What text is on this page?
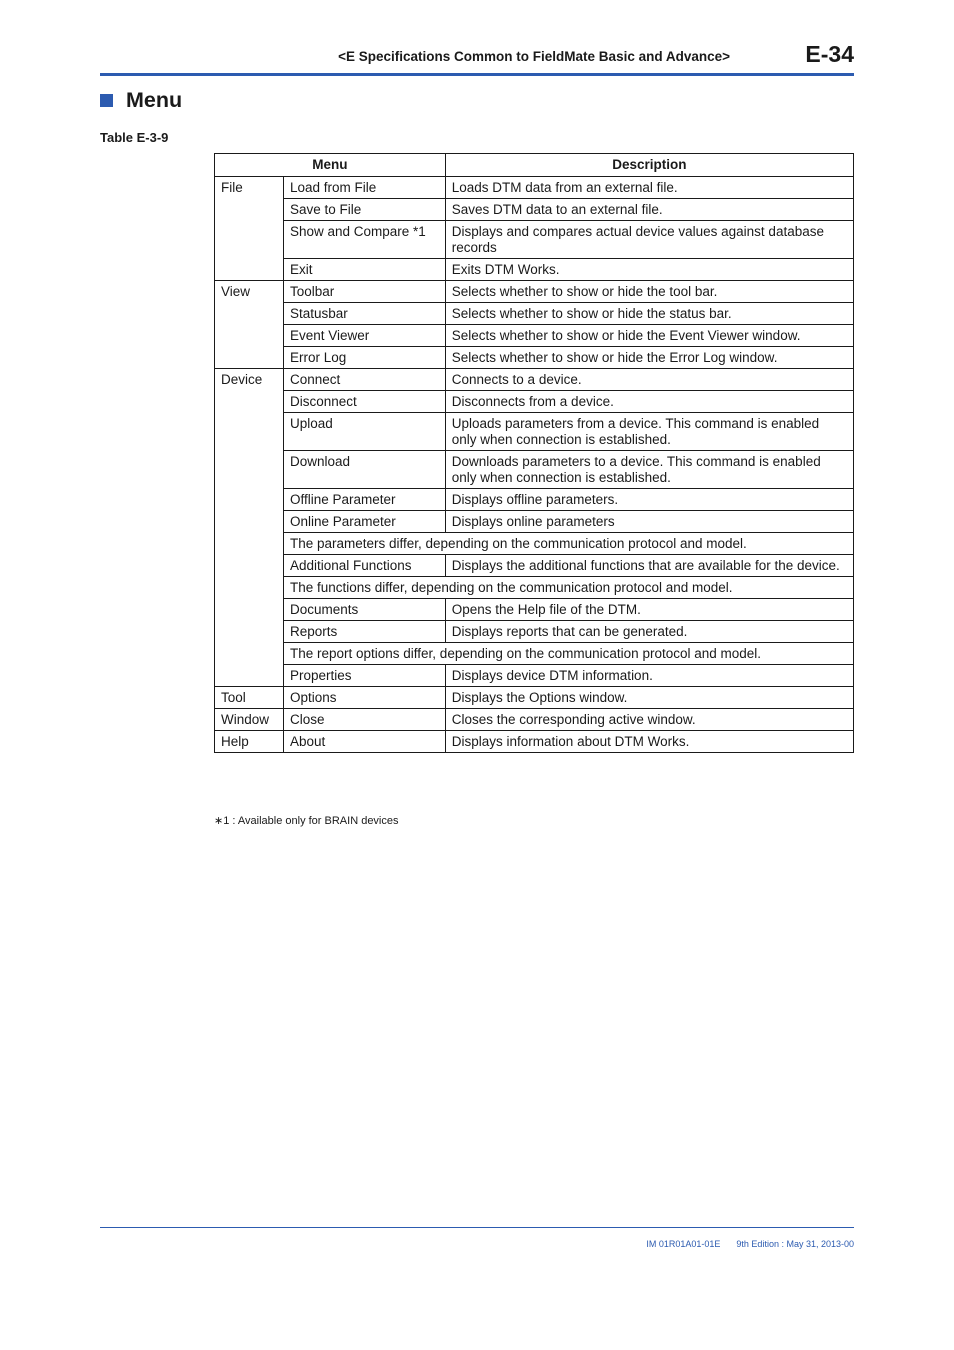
<E Specifications Common to FieldMate Basic and Advance>	E-34
Menu
Table E-3-9
Menu		Description
File	Load from File	Loads DTM data from an external file.
	Save to File	Saves DTM data to an external file.
	Show and Compare *1	Displays and compares actual device values against database records
	Exit	Exits DTM Works.
View	Toolbar	Selects whether to show or hide the tool bar.
	Statusbar	Selects whether to show or hide the status bar.
	Event Viewer	Selects whether to show or hide the Event Viewer window.
	Error Log	Selects whether to show or hide the Error Log window.
Device	Connect	Connects to a device.
	Disconnect	Disconnects from a device.
	Upload	Uploads parameters from a device. This command is enabled only when connection is established.
	Download	Downloads parameters to a device. This command is enabled only when connection is established.
	Offline Parameter	Displays offline parameters.
	Online Parameter	Displays online parameters
	The parameters differ, depending on the communication protocol and model.	
	Additional Functions	Displays the additional functions that are available for the device.
	The functions differ, depending on the communication protocol and model.	
	Documents	Opens the Help file of the DTM.
	Reports	Displays reports that can be generated.
	The report options differ, depending on the communication protocol and model.	
	Properties	Displays device DTM information.
Tool	Options	Displays the Options window.
Window	Close	Closes the corresponding active window.
Help	About	Displays information about DTM Works.
∗1 : Available only for BRAIN devices
IM 01R01A01-01E 9th Edition : May 31, 2013-00
